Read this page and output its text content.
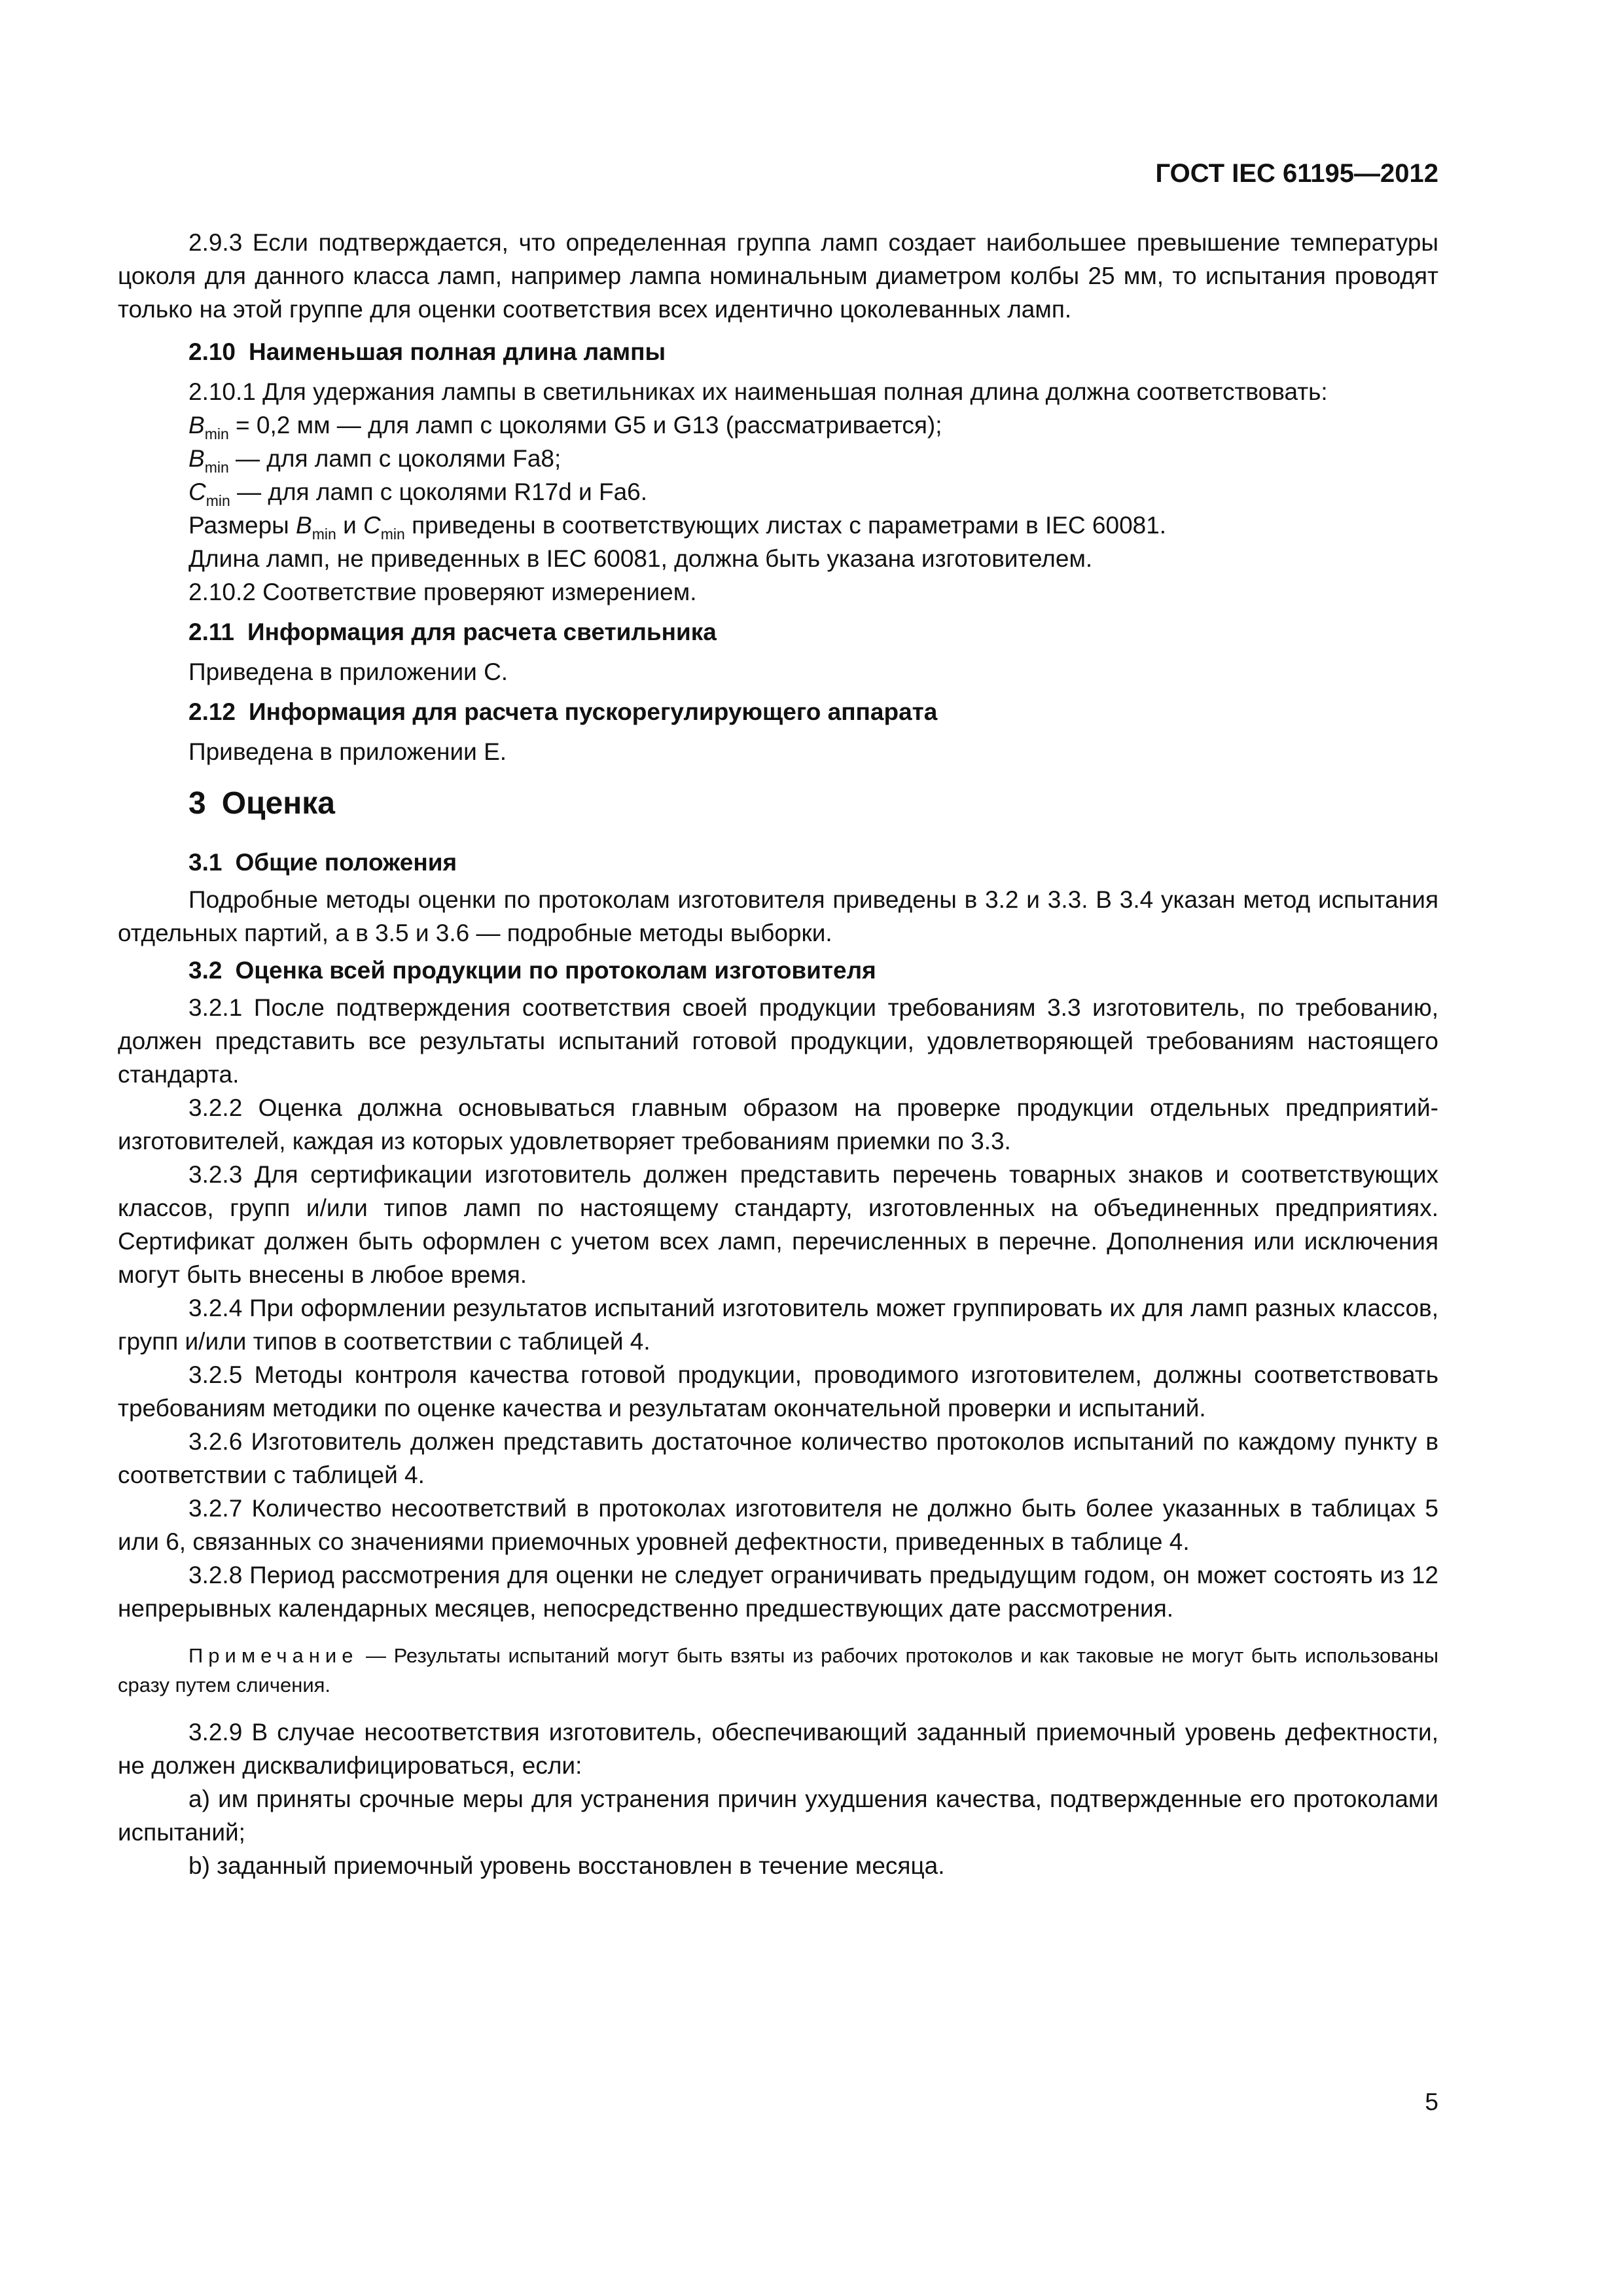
ГОСТ IEC 61195—2012

2.9.3 Если подтверждается, что определенная группа ламп создает наибольшее превышение температуры цоколя для данного класса ламп, например лампа номинальным диаметром колбы 25 мм, то испытания проводят только на этой группе для оценки соответствия всех идентично цоколеванных ламп.

2.10 Наименьшая полная длина лампы

2.10.1 Для удержания лампы в светильниках их наименьшая полная длина должна соответствовать:

$B_{min} = 0,2$ мм — для ламп с цоколями G5 и G13 (рассматривается);

$B_{min}$ — для ламп с цоколями Fa8;

$C_{min}$ — для ламп с цоколями R17d и Fa6.

Размеры $B_{min}$ и $C_{min}$ приведены в соответствующих листах с параметрами в IEC 60081.

Длина ламп, не приведенных в IEC 60081, должна быть указана изготовителем.

2.10.2 Соответствие проверяют измерением.

2.11 Информация для расчета светильника

Приведена в приложении С.

2.12 Информация для расчета пускорегулирующего аппарата

Приведена в приложении Е.

3 Оценка

3.1 Общие положения

Подробные методы оценки по протоколам изготовителя приведены в 3.2 и 3.3. В 3.4 указан метод испытания отдельных партий, а в 3.5 и 3.6 — подробные методы выборки.

3.2 Оценка всей продукции по протоколам изготовителя

3.2.1 После подтверждения соответствия своей продукции требованиям 3.3 изготовитель, по требованию, должен представить все результаты испытаний готовой продукции, удовлетворяющей требованиям настоящего стандарта.

3.2.2 Оценка должна основываться главным образом на проверке продукции отдельных предприятий-изготовителей, каждая из которых удовлетворяет требованиям приемки по 3.3.

3.2.3 Для сертификации изготовитель должен представить перечень товарных знаков и соответствующих классов, групп и/или типов ламп по настоящему стандарту, изготовленных на объединенных предприятиях. Сертификат должен быть оформлен с учетом всех ламп, перечисленных в перечне. Дополнения или исключения могут быть внесены в любое время.

3.2.4 При оформлении результатов испытаний изготовитель может группировать их для ламп разных классов, групп и/или типов в соответствии с таблицей 4.

3.2.5 Методы контроля качества готовой продукции, проводимого изготовителем, должны соответствовать требованиям методики по оценке качества и результатам окончательной проверки и испытаний.

3.2.6 Изготовитель должен представить достаточное количество протоколов испытаний по каждому пункту в соответствии с таблицей 4.

3.2.7 Количество несоответствий в протоколах изготовителя не должно быть более указанных в таблицах 5 или 6, связанных со значениями приемочных уровней дефектности, приведенных в таблице 4.

3.2.8 Период рассмотрения для оценки не следует ограничивать предыдущим годом, он может состоять из 12 непрерывных календарных месяцев, непосредственно предшествующих дате рассмотрения.

Примечание — Результаты испытаний могут быть взяты из рабочих протоколов и как таковые не могут быть использованы сразу путем сличения.

3.2.9 В случае несоответствия изготовитель, обеспечивающий заданный приемочный уровень дефектности, не должен дисквалифицироваться, если:

a) им приняты срочные меры для устранения причин ухудшения качества, подтвержденные его протоколами испытаний;

b) заданный приемочный уровень восстановлен в течение месяца.

5
